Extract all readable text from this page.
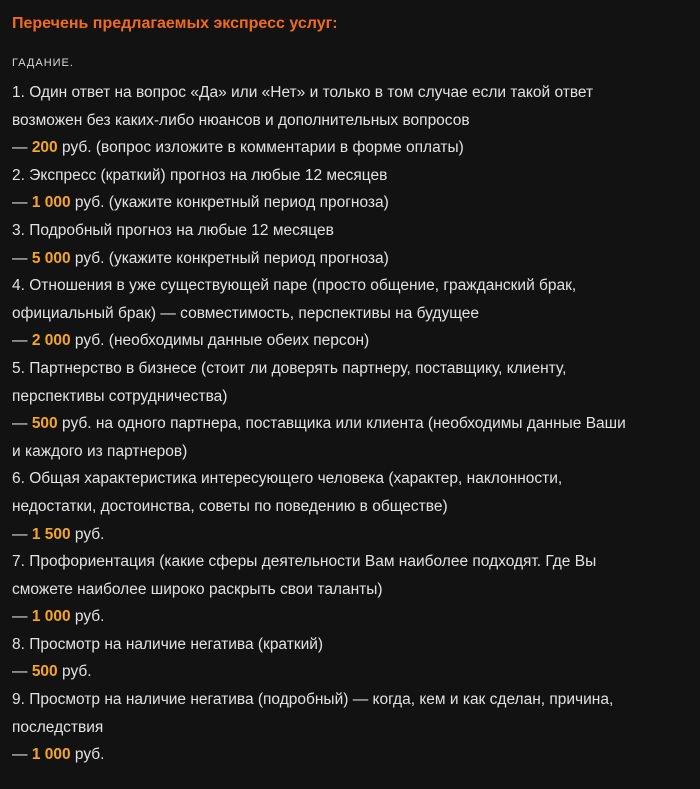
Перечень предлагаемых экспресс услуг:
ГАДАНИЕ.
1. Один ответ на вопрос «Да» или «Нет» и только в том случае если такой ответ
возможен без каких-либо нюансов и дополнительных вопросов
— 200 руб. (вопрос изложите в комментарии в форме оплаты)
2. Экспресс (краткий) прогноз на любые 12 месяцев
— 1 000 руб. (укажите конкретный период прогноза)
3. Подробный прогноз на любые 12 месяцев
— 5 000 руб. (укажите конкретный период прогноза)
4. Отношения в уже существующей паре (просто общение, гражданский брак,
официальный брак) — совместимость, перспективы на будущее
— 2 000 руб. (необходимы данные обеих персон)
5. Партнерство в бизнесе (стоит ли доверять партнеру, поставщику, клиенту,
перспективы сотрудничества)
— 500 руб. на одного партнера, поставщика или клиента (необходимы данные Ваши
и каждого из партнеров)
6. Общая характеристика интересующего человека (характер, наклонности,
недостатки, достоинства, советы по поведению в обществе)
— 1 500 руб.
7. Профориентация (какие сферы деятельности Вам наиболее подходят. Где Вы
сможете наиболее широко раскрыть свои таланты)
— 1 000 руб.
8. Просмотр на наличие негатива (краткий)
— 500 руб.
9. Просмотр на наличие негатива (подробный) — когда, кем и как сделан, причина,
последствия
— 1 000 руб.
